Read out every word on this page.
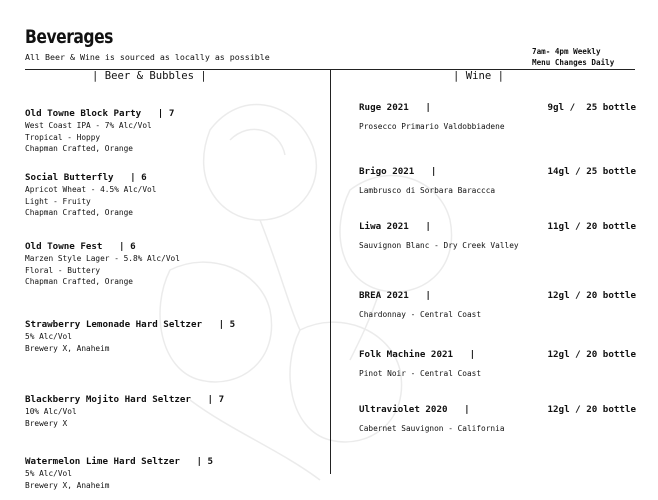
Beverages
All Beer & Wine is sourced as locally as possible
7am- 4pm Weekly
Menu Changes Daily
| Beer & Bubbles |	| Wine |
Old Towne Block Party   | 7
West Coast IPA - 7% Alc/Vol
Tropical - Hoppy
Chapman Crafted, Orange
Social Butterfly   | 6
Apricot Wheat - 4.5% Alc/Vol
Light - Fruity
Chapman Crafted, Orange
Old Towne Fest   | 6
Marzen Style Lager - 5.8% Alc/Vol
Floral - Buttery
Chapman Crafted, Orange
Strawberry Lemonade Hard Seltzer   | 5
5% Alc/Vol
Brewery X, Anaheim
Blackberry Mojito Hard Seltzer   | 7
10% Alc/Vol
Brewery X
Watermelon Lime Hard Seltzer   | 5
5% Alc/Vol
Brewery X, Anaheim
Ruge 2021   |	9gl /  25 bottle
Prosecco Primario Valdobbiadene
Brigo 2021   |	14gl / 25 bottle
Lambrusco di Sorbara Baraccca
Liwa 2021   |	11gl / 20 bottle
Sauvignon Blanc - Dry Creek Valley
BREA 2021   |	12gl / 20 bottle
Chardonnay - Central Coast
Folk Machine 2021   |	12gl / 20 bottle
Pinot Noir - Central Coast
Ultraviolet 2020   |	12gl / 20 bottle
Cabernet Sauvignon - California
